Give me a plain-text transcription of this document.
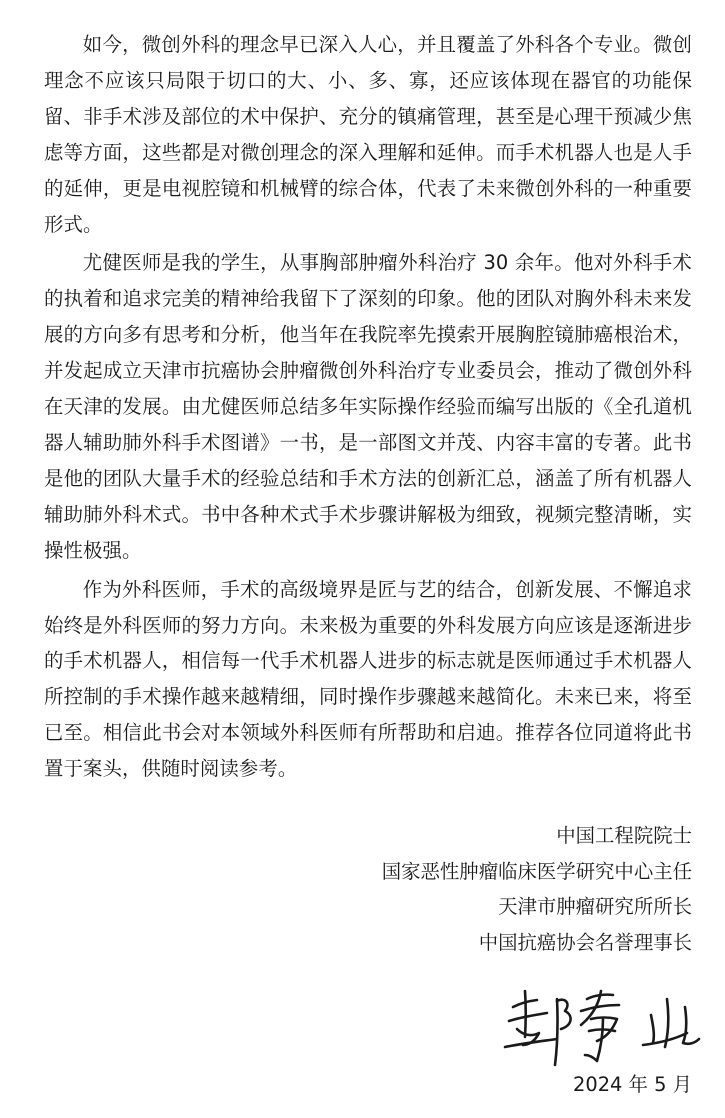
如今，微创外科的理念早已深入人心，并且覆盖了外科各个专业。微创理念不应该只局限于切口的大、小、多、寡，还应该体现在器官的功能保留、非手术涉及部位的术中保护、充分的镇痛管理，甚至是心理干预减少焦虑等方面，这些都是对微创理念的深入理解和延伸。而手术机器人也是人手的延伸，更是电视腔镜和机械臂的综合体，代表了未来微创外科的一种重要形式。

尤健医师是我的学生，从事胸部肿瘤外科治疗 30 余年。他对外科手术的执着和追求完美的精神给我留下了深刻的印象。他的团队对胸外科未来发展的方向多有思考和分析，他当年在我院率先摸索开展胸腔镜肺癌根治术，并发起成立天津市抗癌协会肿瘤微创外科治疗专业委员会，推动了微创外科在天津的发展。由尤健医师总结多年实际操作经验而编写出版的《全孔道机器人辅助肺外科手术图谱》一书，是一部图文并茂、内容丰富的专著。此书是他的团队大量手术的经验总结和手术方法的创新汇总，涵盖了所有机器人辅助肺外科术式。书中各种术式手术步骤讲解极为细致，视频完整清晰，实操性极强。

作为外科医师，手术的高级境界是匠与艺的结合，创新发展、不懈追求始终是外科医师的努力方向。未来极为重要的外科发展方向应该是逐渐进步的手术机器人，相信每一代手术机器人进步的标志就是医师通过手术机器人所控制的手术操作越来越精细，同时操作步骤越来越简化。未来已来，将至已至。相信此书会对本领域外科医师有所帮助和启迪。推荐各位同道将此书置于案头，供随时阅读参考。

中国工程院院士
国家恶性肿瘤临床医学研究中心主任
天津市肿瘤研究所所长
中国抗癌协会名誉理事长
2024 年 5 月
